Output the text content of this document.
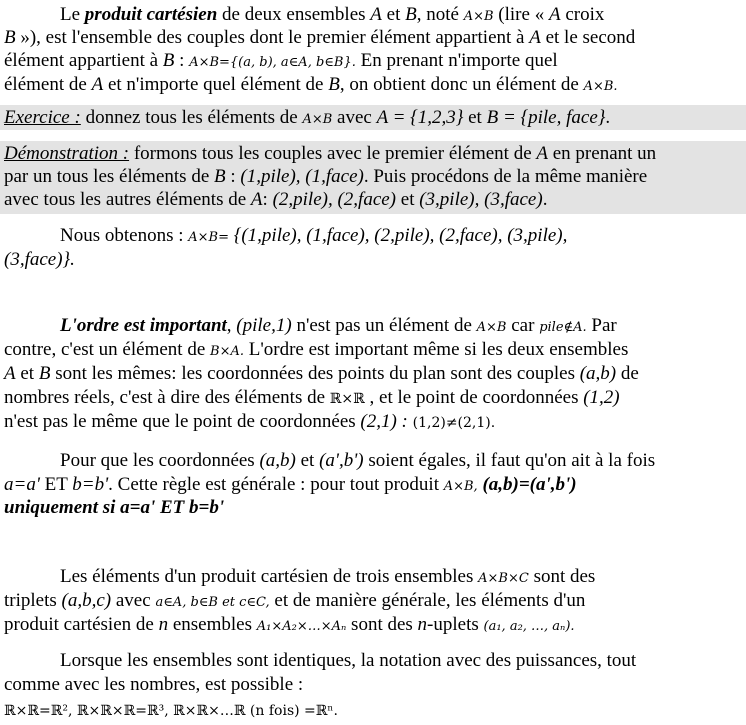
Le produit cartésien de deux ensembles A et B, noté A×B (lire « A croix
B »), est l'ensemble des couples dont le premier élément appartient à A et le second
élément appartient à B : A×B={(a, b), a∈A, b∈B}. En prenant n'importe quel
élément de A et n'importe quel élément de B, on obtient donc un élément de A×B.
Exercice : donnez tous les éléments de A×B avec A = {1,2,3} et B = {pile, face}.
Démonstration : formons tous les couples avec le premier élément de A en prenant un
par un tous les éléments de B : (1,pile), (1,face). Puis procédons de la même manière
avec tous les autres éléments de A: (2,pile), (2,face) et (3,pile), (3,face).
Nous obtenons : A×B= {(1,pile), (1,face), (2,pile), (2,face), (3,pile),
(3,face)}.
L'ordre est important, (pile,1) n'est pas un élément de A×B car pile∉A. Par
contre, c'est un élément de B×A. L'ordre est important même si les deux ensembles
A et B sont les mêmes: les coordonnées des points du plan sont des couples (a,b) de
nombres réels, c'est à dire des éléments de ℝ×ℝ , et le point de coordonnées (1,2)
n'est pas le même que le point de coordonnées (2,1) : (1,2)≠(2,1).
Pour que les coordonnées (a,b) et (a',b') soient égales, il faut qu'on ait à la fois
a=a' ET b=b'. Cette règle est générale : pour tout produit A×B, (a,b)=(a',b')
uniquement si a=a' ET b=b'
Les éléments d'un produit cartésien de trois ensembles A×B×C sont des
triplets (a,b,c) avec a∈A, b∈B et c∈C, et de manière générale, les éléments d'un
produit cartésien de n ensembles A₁×A₂×…×Aₙ sont des n-uplets (a₁, a₂, …, aₙ).
Lorsque les ensembles sont identiques, la notation avec des puissances, tout
comme avec les nombres, est possible :
ℝ×ℝ=ℝ², ℝ×ℝ×ℝ=ℝ³, ℝ×ℝ×…ℝ (n fois) =ℝⁿ.
